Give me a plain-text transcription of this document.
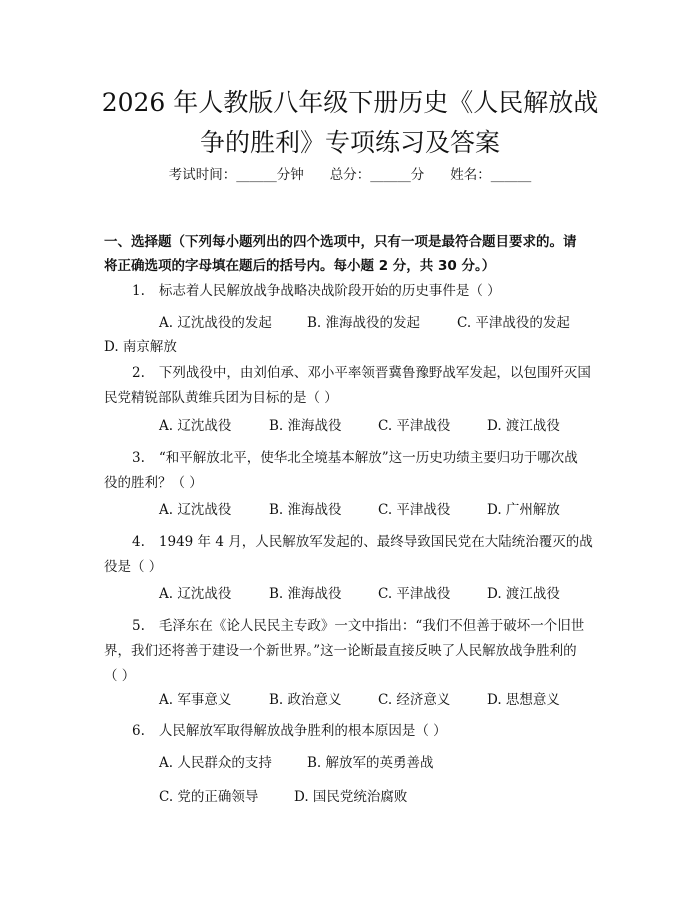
2026 年人教版八年级下册历史《人民解放战
争的胜利》专项练习及答案
考试时间：______分钟 总分：______分 姓名：______
一、选择题（下列每小题列出的四个选项中，只有一项是最符合题目要求的。请
将正确选项的字母填在题后的括号内。每小题 2 分，共 30 分。）
1. 标志着人民解放战争战略决战阶段开始的历史事件是（ ）
A. 辽沈战役的发起	B. 淮海战役的发起	C. 平津战役的发起
D. 南京解放
2. 下列战役中，由刘伯承、邓小平率领晋冀鲁豫野战军发起，以包围歼灭国
民党精锐部队黄维兵团为目标的是（ ）
A. 辽沈战役	B. 淮海战役	C. 平津战役	D. 渡江战役
3. “和平解放北平，使华北全境基本解放”这一历史功绩主要归功于哪次战
役的胜利？（ ）
A. 辽沈战役	B. 淮海战役	C. 平津战役	D. 广州解放
4. 1949 年 4 月，人民解放军发起的、最终导致国民党在大陆统治覆灭的战
役是（ ）
A. 辽沈战役	B. 淮海战役	C. 平津战役	D. 渡江战役
5. 毛泽东在《论人民民主专政》一文中指出：“我们不但善于破坏一个旧世
界，我们还将善于建设一个新世界。”这一论断最直接反映了人民解放战争胜利的
（ ）
A. 军事意义	B. 政治意义	C. 经济意义	D. 思想意义
6. 人民解放军取得解放战争胜利的根本原因是（ ）
A. 人民群众的支持	B. 解放军的英勇善战
C. 党的正确领导	D. 国民党统治腐败
